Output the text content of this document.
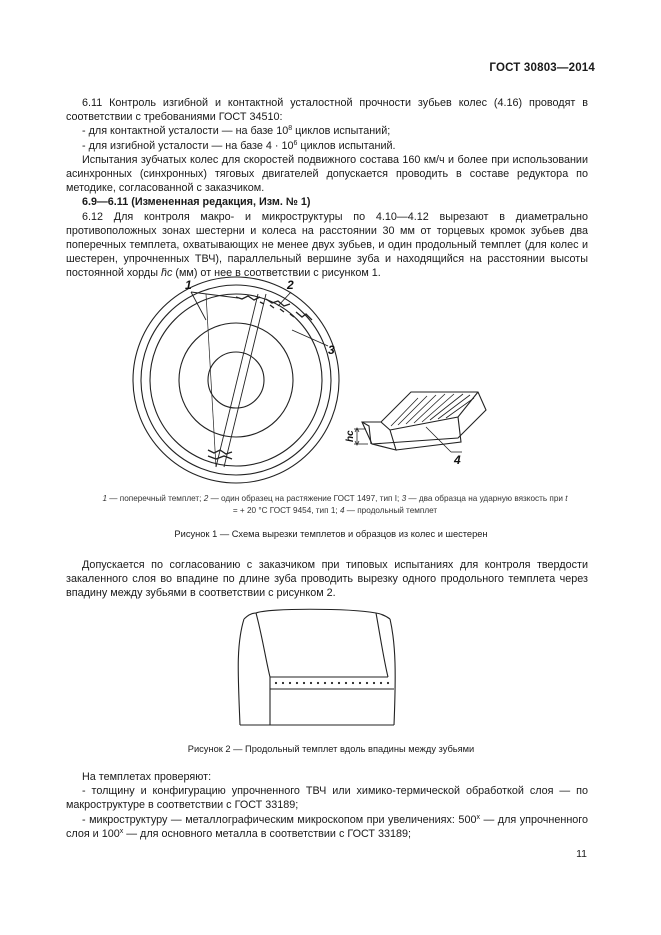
ГОСТ 30803—2014

6.11 Контроль изгибной и контактной усталостной прочности зубьев колес (4.16) проводят в соответствии с требованиями ГОСТ 34510:

- для контактной усталости — на базе $10^8$ циклов испытаний;

- для изгибной усталости — на базе $4 \cdot 10^6$ циклов испытаний.

Испытания зубчатых колес для скоростей подвижного состава 160 км/ч и более при использовании асинхронных (синхронных) тяговых двигателей допускается проводить в составе редуктора по методике, согласованной с заказчиком.

6.9—6.11 (Измененная редакция, Изм. № 1)

6.12 Для контроля макро- и микроструктуры по 4.10—4.12 вырезают в диаметрально противоположных зонах шестерни и колеса на расстоянии 30 мм от торцевых кромок зубьев два поперечных темплета, охватывающих не менее двух зубьев, и один продольный темплет (для колес и шестерен, упрочненных ТВЧ), параллельный вершине зуба и находящийся на расстоянии высоты постоянной хорды h̄c (мм) от нее в соответствии с рисунком 1.

1	2
3
hc
4
1 — поперечный темплет; 2 — один образец на растяжение ГОСТ 1497, тип I; 3 — два образца на ударную вязкость при t = + 20 °С ГОСТ 9454, тип 1; 4 — продольный темплет
Рисунок 1 — Схема вырезки темплетов и образцов из колес и шестерен

Допускается по согласованию с заказчиком при типовых испытаниях для контроля твердости закаленного слоя во впадине по длине зуба проводить вырезку одного продольного темплета через впадину между зубьями в соответствии с рисунком 2.

Рисунок 2 — Продольный темплет вдоль впадины между зубьями

На темплетах проверяют:

- толщину и конфигурацию упрочненного ТВЧ или химико-термической обработкой слоя — по макроструктуре в соответствии с ГОСТ 33189;

- микроструктуру — металлографическим микроскопом при увеличениях: 500$^x$ — для упрочненного слоя и 100$^x$ — для основного металла в соответствии с ГОСТ 33189;

11
